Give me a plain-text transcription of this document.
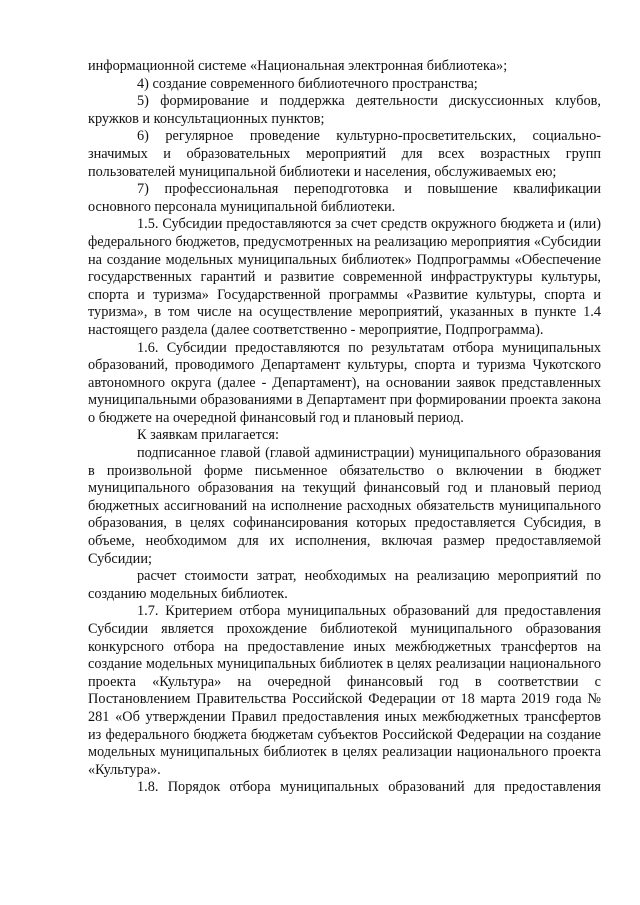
информационной системе «Национальная электронная библиотека»;

4) создание современного библиотечного пространства;

5) формирование и поддержка деятельности дискуссионных клубов, кружков и консультационных пунктов;

6) регулярное проведение культурно-просветительских, социально-значимых и образовательных мероприятий для всех возрастных групп пользователей муниципальной библиотеки и населения, обслуживаемых ею;

7) профессиональная переподготовка и повышение квалификации основного персонала муниципальной библиотеки.

1.5. Субсидии предоставляются за счет средств окружного бюджета и (или) федерального бюджетов, предусмотренных на реализацию мероприятия «Субсидии на создание модельных муниципальных библиотек» Подпрограммы «Обеспечение государственных гарантий и развитие современной инфраструктуры культуры, спорта и туризма» Государственной программы «Развитие культуры, спорта и туризма», в том числе на осуществление мероприятий, указанных в пункте 1.4 настоящего раздела (далее соответственно - мероприятие, Подпрограмма).

1.6. Субсидии предоставляются по результатам отбора муниципальных образований, проводимого Департамент культуры, спорта и туризма Чукотского автономного округа (далее - Департамент), на основании заявок представленных муниципальными образованиями в Департамент при формировании проекта закона о бюджете на очередной финансовый год и плановый период.

К заявкам прилагается:

подписанное главой (главой администрации) муниципального образования в произвольной форме письменное обязательство о включении в бюджет муниципального образования на текущий финансовый год и плановый период бюджетных ассигнований на исполнение расходных обязательств муниципального образования, в целях софинансирования которых предоставляется Субсидия, в объеме, необходимом для их исполнения, включая размер предоставляемой Субсидии;

расчет стоимости затрат, необходимых на реализацию мероприятий по созданию модельных библиотек.

1.7. Критерием отбора муниципальных образований для предоставления Субсидии является прохождение библиотекой муниципального образования конкурсного отбора на предоставление иных межбюджетных трансфертов на создание модельных муниципальных библиотек в целях реализации национального проекта «Культура» на очередной финансовый год в соответствии с Постановлением Правительства Российской Федерации от 18 марта 2019 года № 281 «Об утверждении Правил предоставления иных межбюджетных трансфертов из федерального бюджета бюджетам субъектов Российской Федерации на создание модельных муниципальных библиотек в целях реализации национального проекта «Культура».

1.8. Порядок отбора муниципальных образований для предоставления
